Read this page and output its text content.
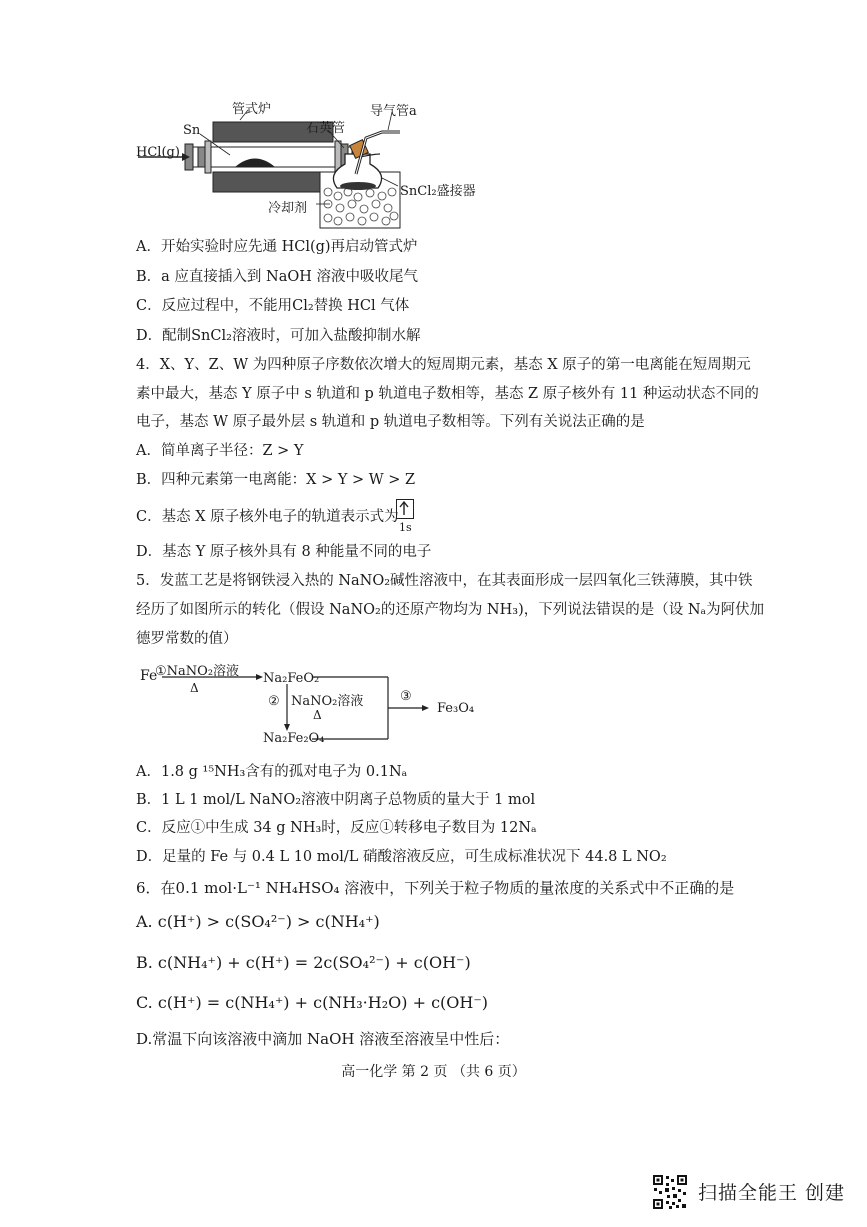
管式炉
Sn	石英管
导气管a
HCl(g)
SnCl₂盛接器
冷却剂
A．开始实验时应先通 HCl(g)再启动管式炉
B．a 应直接插入到 NaOH 溶液中吸收尾气
C．反应过程中，不能用Cl₂替换 HCl 气体
D．配制SnCl₂溶液时，可加入盐酸抑制水解
4．X、Y、Z、W 为四种原子序数依次增大的短周期元素，基态 X 原子的第一电离能在短周期元
素中最大，基态 Y 原子中 s 轨道和 p 轨道电子数相等，基态 Z 原子核外有 11 种运动状态不同的
电子，基态 W 原子最外层 s 轨道和 p 轨道电子数相等。下列有关说法正确的是
A．简单离子半径：Z > Y
B．四种元素第一电离能：X > Y > W > Z
C．基态 X 原子核外电子的轨道表示式为
1s
D．基态 Y 原子核外具有 8 种能量不同的电子
5．发蓝工艺是将钢铁浸入热的 NaNO₂碱性溶液中，在其表面形成一层四氧化三铁薄膜，其中铁
经历了如图所示的转化（假设 NaNO₂的还原产物均为 NH₃)，下列说法错误的是（设 Nₐ为阿伏加
德罗常数的值）
Fe
①NaNO₂溶液
Δ
Na₂FeO₂
② NaNO₂溶液
Δ
Na₂Fe₂O₄
③
Fe₃O₄
A．1.8 g ¹⁵NH₃含有的孤对电子为 0.1Nₐ
B．1 L 1 mol/L NaNO₂溶液中阴离子总物质的量大于 1 mol
C．反应①中生成 34 g NH₃时，反应①转移电子数目为 12Nₐ
D．足量的 Fe 与 0.4 L 10 mol/L 硝酸溶液反应，可生成标准状况下 44.8 L NO₂
6．在0.1 mol·L⁻¹ NH₄HSO₄ 溶液中，下列关于粒子物质的量浓度的关系式中不正确的是
A. c(H⁺) > c(SO₄²⁻) > c(NH₄⁺)
B. c(NH₄⁺) + c(H⁺) = 2c(SO₄²⁻) + c(OH⁻)
C. c(H⁺) = c(NH₄⁺) + c(NH₃·H₂O) + c(OH⁻)
D.常温下向该溶液中滴加 NaOH 溶液至溶液呈中性后：
高一化学 第 2 页 （共 6 页）
扫描全能王 创建
